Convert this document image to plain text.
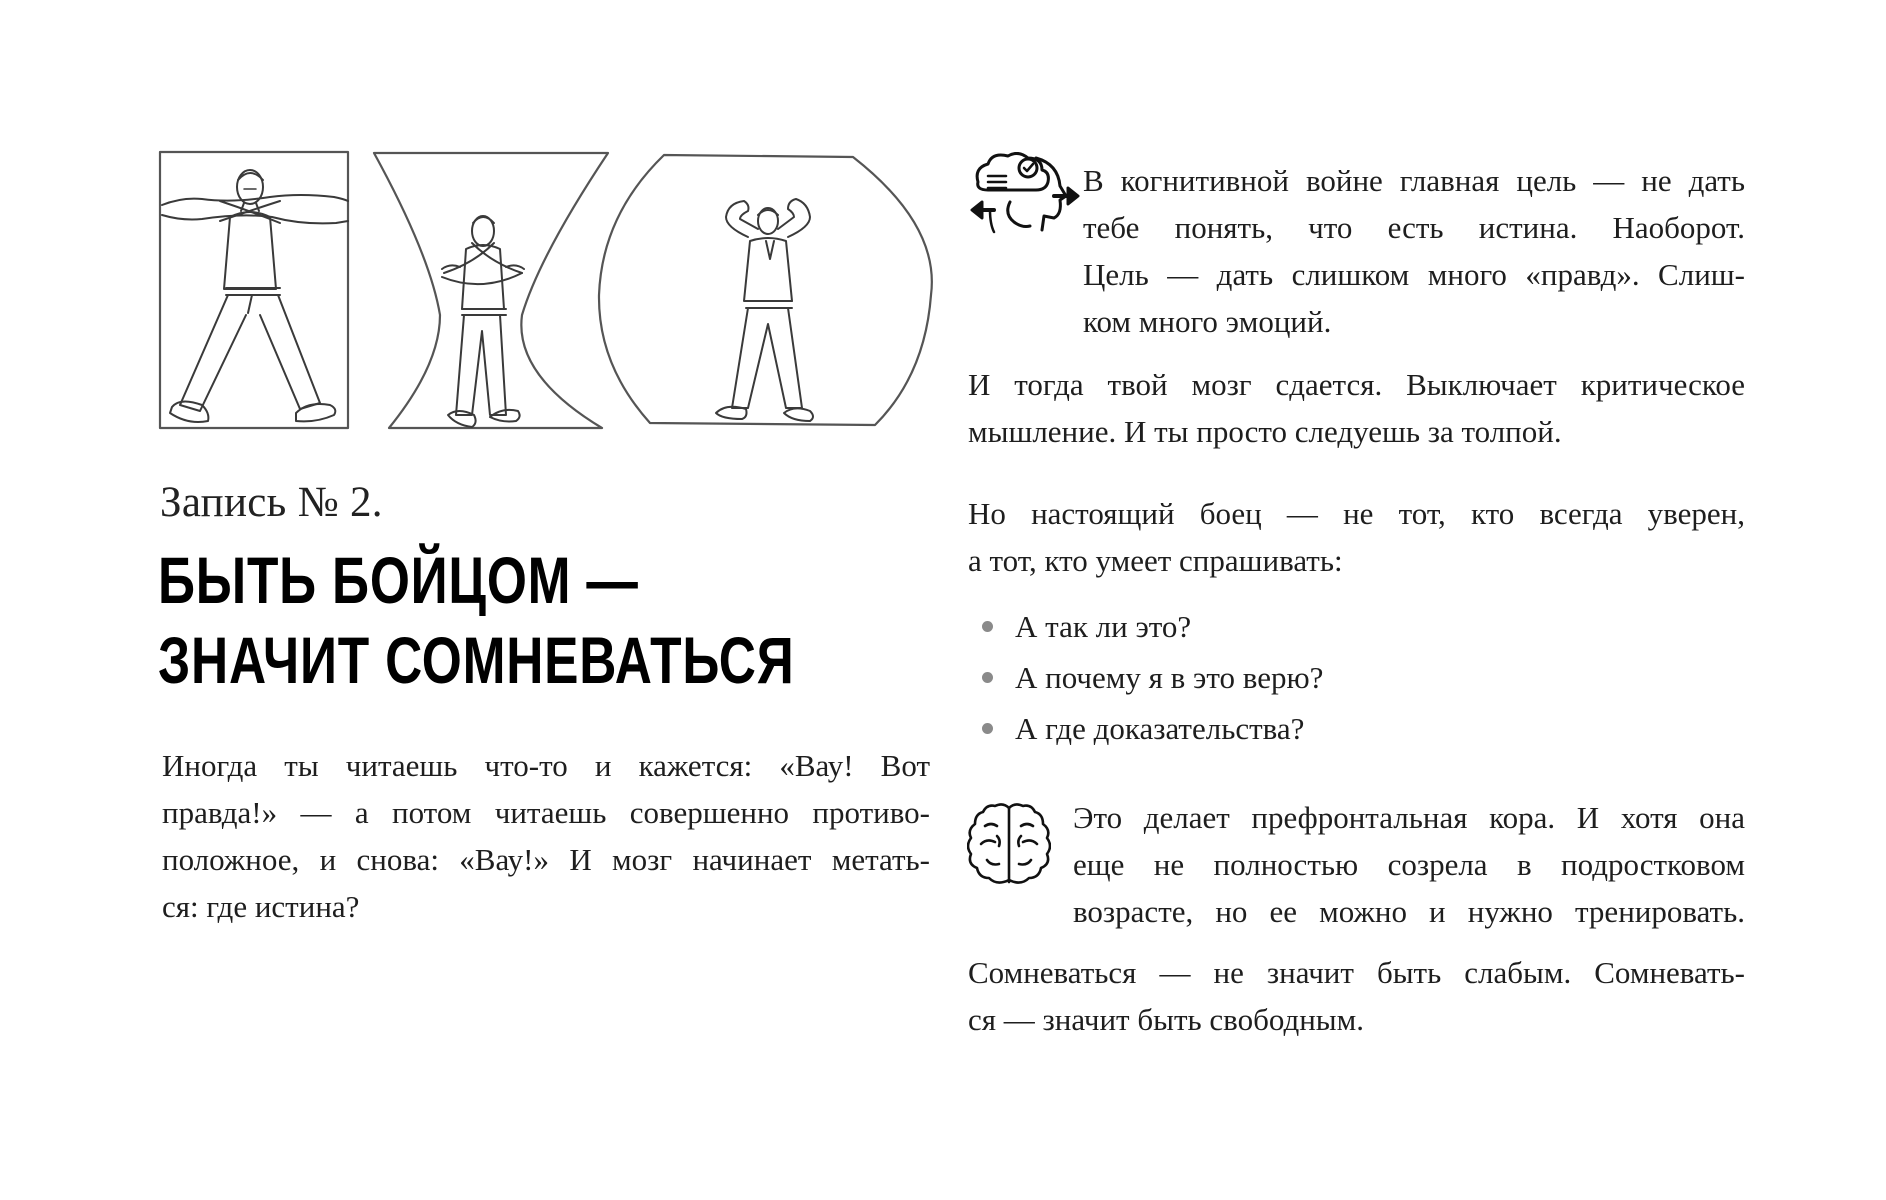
Запись № 2.
БЫТЬ БОЙЦОМ —
ЗНАЧИТ СОМНЕВАТЬСЯ

Иногда ты читаешь что-то и кажется: «Вау! Вот
правда!» — а потом читаешь совершенно противо-
положное, и снова: «Вау!» И мозг начинает метать-
ся: где истина?

В когнитивной войне главная цель — не дать
тебе понять, что есть истина. Наоборот.
Цель — дать слишком много «правд». Слиш-
ком много эмоций.

И тогда твой мозг сдается. Выключает критическое
мышление. И ты просто следуешь за толпой.

Но настоящий боец — не тот, кто всегда уверен,
а тот, кто умеет спрашивать:

А так ли это?
А почему я в это верю?
А где доказательства?

Это делает префронтальная кора. И хотя она
еще не полностью созрела в подростковом
возрасте, но ее можно и нужно тренировать.

Сомневаться — не значит быть слабым. Сомневать-
ся — значит быть свободным.
